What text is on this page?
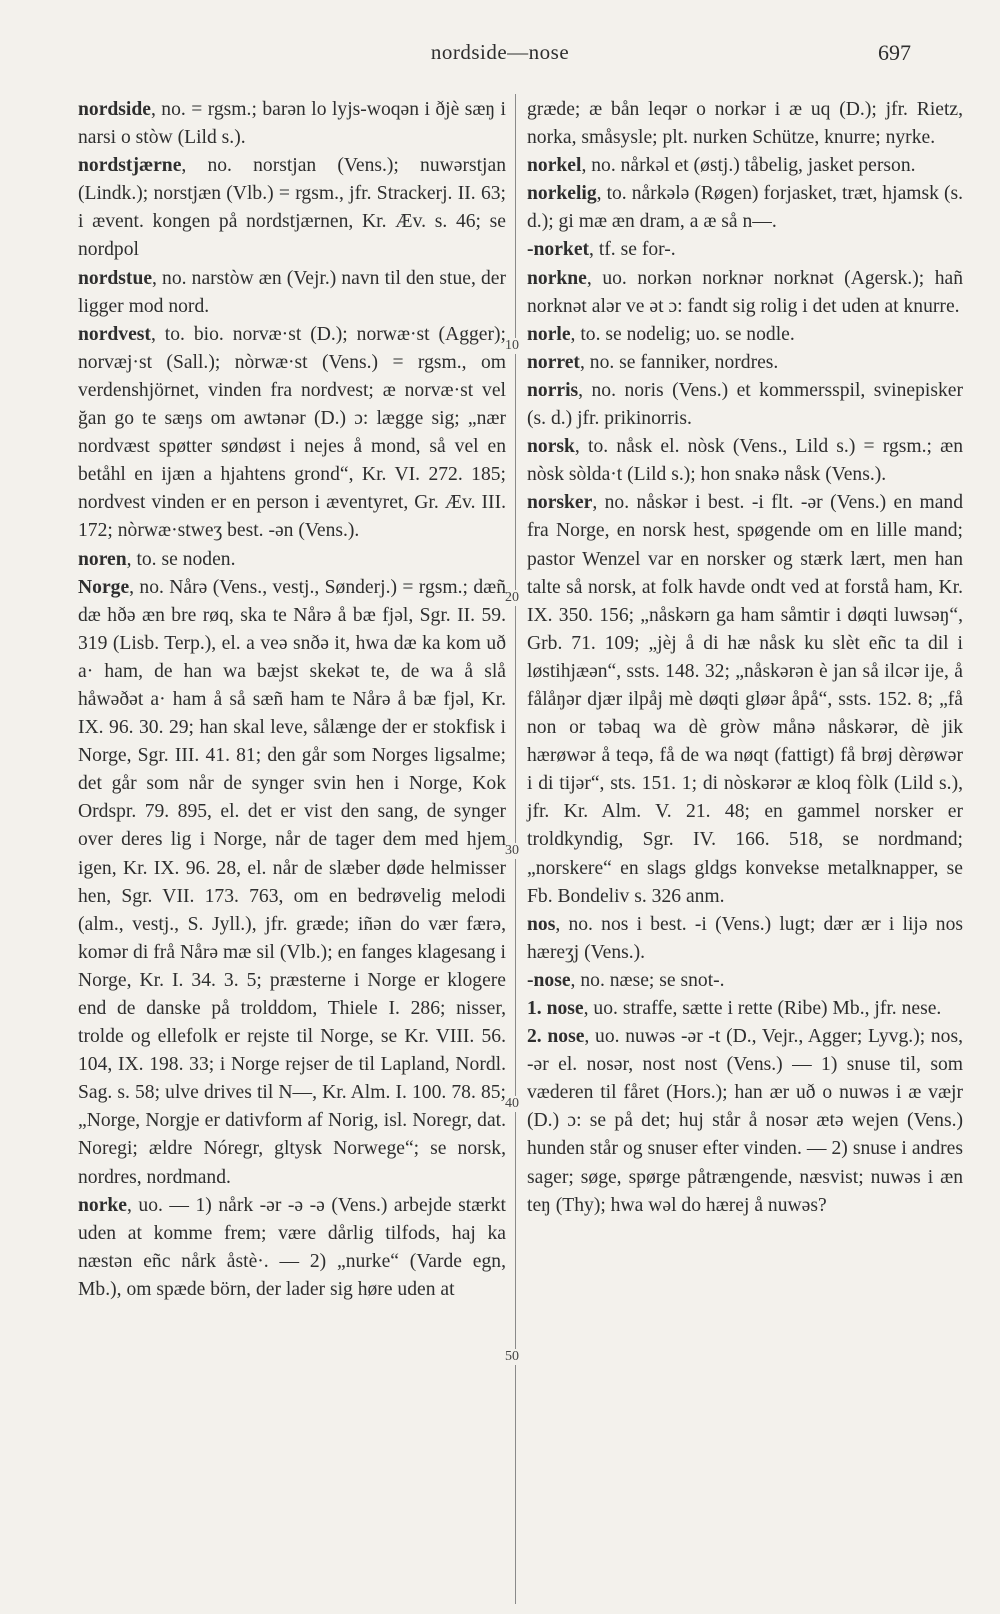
nordside—nose	697
10
20
30
40
50

nordside, no. = rgsm.; barən lo lyjs-woqən i ðjè sæŋ i narsi o stòw (Lild s.).

nordstjærne, no. norstjan (Vens.); nuwərstjan (Lindk.); norstjæn (Vlb.) = rgsm., jfr. Strackerj. II. 63; i ævent. kongen på nordstjærnen, Kr. Æv. s. 46; se nordpol

nordstue, no. narstòw æn (Vejr.) navn til den stue, der ligger mod nord.

nordvest, to. bio. norvæ·st (D.); norwæ·st (Agger); norvæj·st (Sall.); nòrwæ·st (Vens.) = rgsm., om verdenshjörnet, vinden fra nordvest; æ norvæ·st vel ğan go te sæŋs om awtənər (D.) ɔ: lægge sig; „nær nordvæst spøtter søndøst i nejes å mond, så vel en betåhl en ijæn a hjahtens grond“, Kr. VI. 272. 185; nordvest vinden er en person i æventyret, Gr. Æv. III. 172; nòrwæ·stweʒ best. -ən (Vens.).

noren, to. se noden.

Norge, no. Nårə (Vens., vestj., Sønderj.) = rgsm.; dæñ dæ hðə æn bre røq, ska te Nårə å bæ fjəl, Sgr. II. 59. 319 (Lisb. Terp.), el. a veə snðə it, hwa dæ ka kom uð a· ham, de han wa bæjst skekət te, de wa å slå håwəðət a· ham å så sæñ ham te Nårə å bæ fjəl, Kr. IX. 96. 30. 29; han skal leve, sålænge der er stokfisk i Norge, Sgr. III. 41. 81; den går som Norges ligsalme; det går som når de synger svin hen i Norge, Kok Ordspr. 79. 895, el. det er vist den sang, de synger over deres lig i Norge, når de tager dem med hjem igen, Kr. IX. 96. 28, el. når de slæber døde helmisser hen, Sgr. VII. 173. 763, om en bedrøvelig melodi (alm., vestj., S. Jyll.), jfr. græde; iñən do vær færə, komər di frå Nårə mæ sil (Vlb.); en fanges klagesang i Norge, Kr. I. 34. 3. 5; præsterne i Norge er klogere end de danske på trolddom, Thiele I. 286; nisser, trolde og ellefolk er rejste til Norge, se Kr. VIII. 56. 104, IX. 198. 33; i Norge rejser de til Lapland, Nordl. Sag. s. 58; ulve drives til N—, Kr. Alm. I. 100. 78. 85; „Norge, Norgje er dativform af Norig, isl. Noregr, dat. Noregi; ældre Nóregr, gltysk Norwege“; se norsk, nordres, nordmand.

norke, uo. — 1) nårk -ər -ə -ə (Vens.) arbejde stærkt uden at komme frem; være dårlig tilfods, haj ka næstən eñc nårk åstè·. — 2) „nurke“ (Varde egn, Mb.), om spæde börn, der lader sig høre uden at

græde; æ bån leqər o norkər i æ uq (D.); jfr. Rietz, norka, småsysle; plt. nurken Schütze, knurre; nyrke.

norkel, no. nårkəl et (østj.) tåbelig, jasket person.

norkelig, to. nårkələ (Røgen) forjasket, træt, hjamsk (s. d.); gi mæ æn dram, a æ så n—.

-norket, tf. se for-.

norkne, uo. norkən norknər norknət (Agersk.); hañ norknət alər ve ət ɔ: fandt sig rolig i det uden at knurre.

norle, to. se nodelig; uo. se nodle.

norret, no. se fanniker, nordres.

norris, no. noris (Vens.) et kommersspil, svinepisker (s. d.) jfr. prikinorris.

norsk, to. nåsk el. nòsk (Vens., Lild s.) = rgsm.; æn nòsk sòlda·t (Lild s.); hon snakə nåsk (Vens.).

norsker, no. nåskər i best. -i flt. -ər (Vens.) en mand fra Norge, en norsk hest, spøgende om en lille mand; pastor Wenzel var en norsker og stærk lært, men han talte så norsk, at folk havde ondt ved at forstå ham, Kr. IX. 350. 156; „nåskərn ga ham såmtir i døqti luwsəŋ“, Grb. 71. 109; „jèj å di hæ nåsk ku slèt eñc ta dil i løstihjæən“, ssts. 148. 32; „nåskərən è jan så ilcər ije, å fålåŋər djær ilpåj mè døqti gløər åpå“, ssts. 152. 8; „få non or təbaq wa dè gròw månə nåskərər, dè jik hærøwər å teqə, få de wa nøqt (fattigt) få brøj dèrøwər i di tijər“, sts. 151. 1; di nòskərər æ kloq fòlk (Lild s.), jfr. Kr. Alm. V. 21. 48; en gammel norsker er troldkyndig, Sgr. IV. 166. 518, se nordmand; „norskere“ en slags gldgs konvekse metalknapper, se Fb. Bondeliv s. 326 anm.

nos, no. nos i best. -i (Vens.) lugt; dær ær i lijə nos hæreʒj (Vens.).

-nose, no. næse; se snot-.

1. nose, uo. straffe, sætte i rette (Ribe) Mb., jfr. nese.

2. nose, uo. nuwəs -ər -t (D., Vejr., Agger; Lyvg.); nos, -ər el. nosər, nost nost (Vens.) — 1) snuse til, som væderen til fåret (Hors.); han ær uð o nuwəs i æ væjr (D.) ɔ: se på det; huj står å nosər ætə wejen (Vens.) hunden står og snuser efter vinden. — 2) snuse i andres sager; søge, spørge påtrængende, næsvist; nuwəs i æn teŋ (Thy); hwa wəl do hærej å nuwəs?
